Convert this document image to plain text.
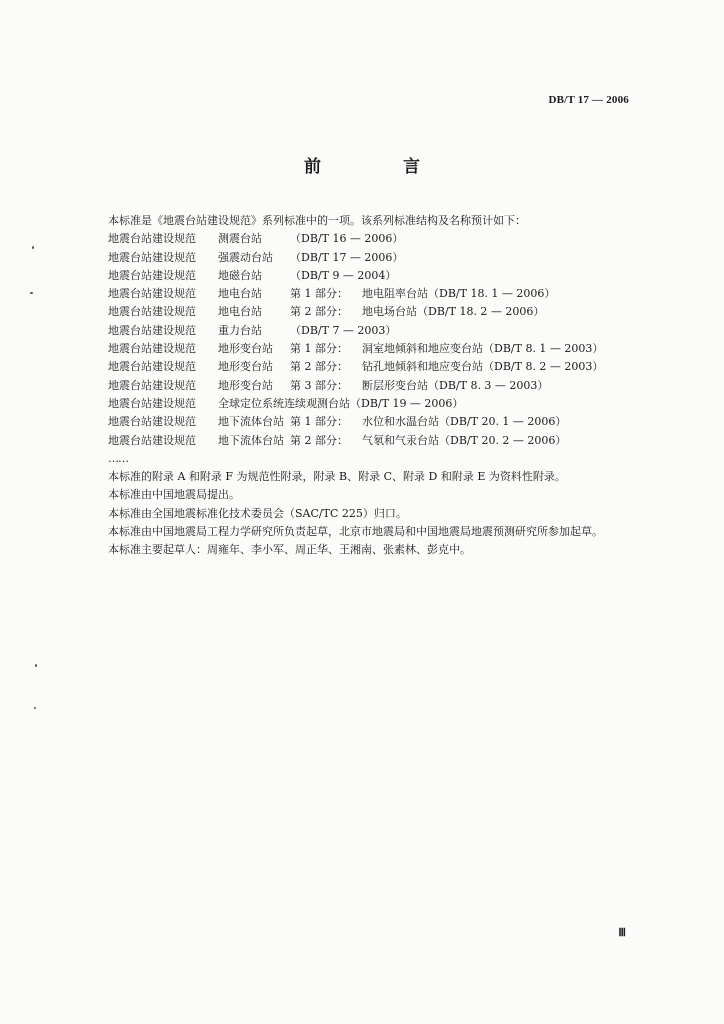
DB/T 17 — 2006
前 言
本标准是《地震台站建设规范》系列标准中的一项。该系列标准结构及名称预计如下：
地震台站建设规范 测震台站	（DB/T 16 — 2006）
地震台站建设规范 强震动台站 （DB/T 17 — 2006）
地震台站建设规范 地磁台站	（DB/T 9 — 2004）
地震台站建设规范 地电台站	第 1 部分： 地电阻率台站（DB/T 18. 1 — 2006）
地震台站建设规范 地电台站	第 2 部分： 地电场台站（DB/T 18. 2 — 2006）
地震台站建设规范 重力台站	（DB/T 7 — 2003）
地震台站建设规范 地形变台站 第 1 部分： 洞室地倾斜和地应变台站（DB/T 8. 1 — 2003）
地震台站建设规范 地形变台站 第 2 部分： 钻孔地倾斜和地应变台站（DB/T 8. 2 — 2003）
地震台站建设规范 地形变台站 第 3 部分： 断层形变台站（DB/T 8. 3 — 2003）
地震台站建设规范 全球定位系统连续观测台站（DB/T 19 — 2006）
地震台站建设规范 地下流体台站 第 1 部分： 水位和水温台站（DB/T 20. 1 — 2006）
地震台站建设规范 地下流体台站 第 2 部分： 气氡和气汞台站（DB/T 20. 2 — 2006）
……
本标准的附录 A 和附录 F 为规范性附录，附录 B、附录 C、附录 D 和附录 E 为资料性附录。
本标准由中国地震局提出。
本标准由全国地震标准化技术委员会（SAC/TC 225）归口。
本标准由中国地震局工程力学研究所负责起草，北京市地震局和中国地震局地震预测研究所参加起草。
本标准主要起草人：周雍年、李小军、周正华、王湘南、张素林、彭克中。
Ⅲ
